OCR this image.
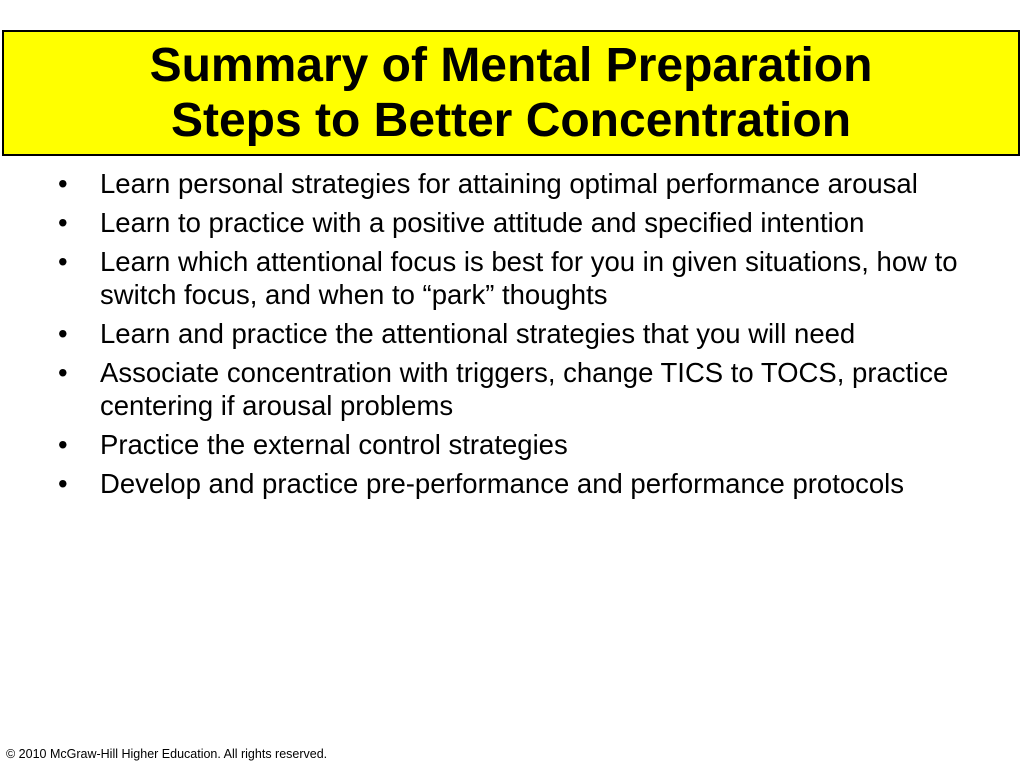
Summary of Mental Preparation
Steps to Better Concentration
•	Learn personal strategies for attaining optimal performance arousal
•	Learn to practice with a positive attitude and specified intention
•	Learn which attentional focus is best for you in given situations, how to switch focus, and when to “park” thoughts
•	Learn and practice the attentional strategies that you will need
•	Associate concentration with triggers, change TICS to TOCS, practice centering if arousal problems
•	Practice the external control strategies
•	Develop and practice pre-performance and performance protocols
© 2010 McGraw-Hill Higher Education. All rights reserved.
